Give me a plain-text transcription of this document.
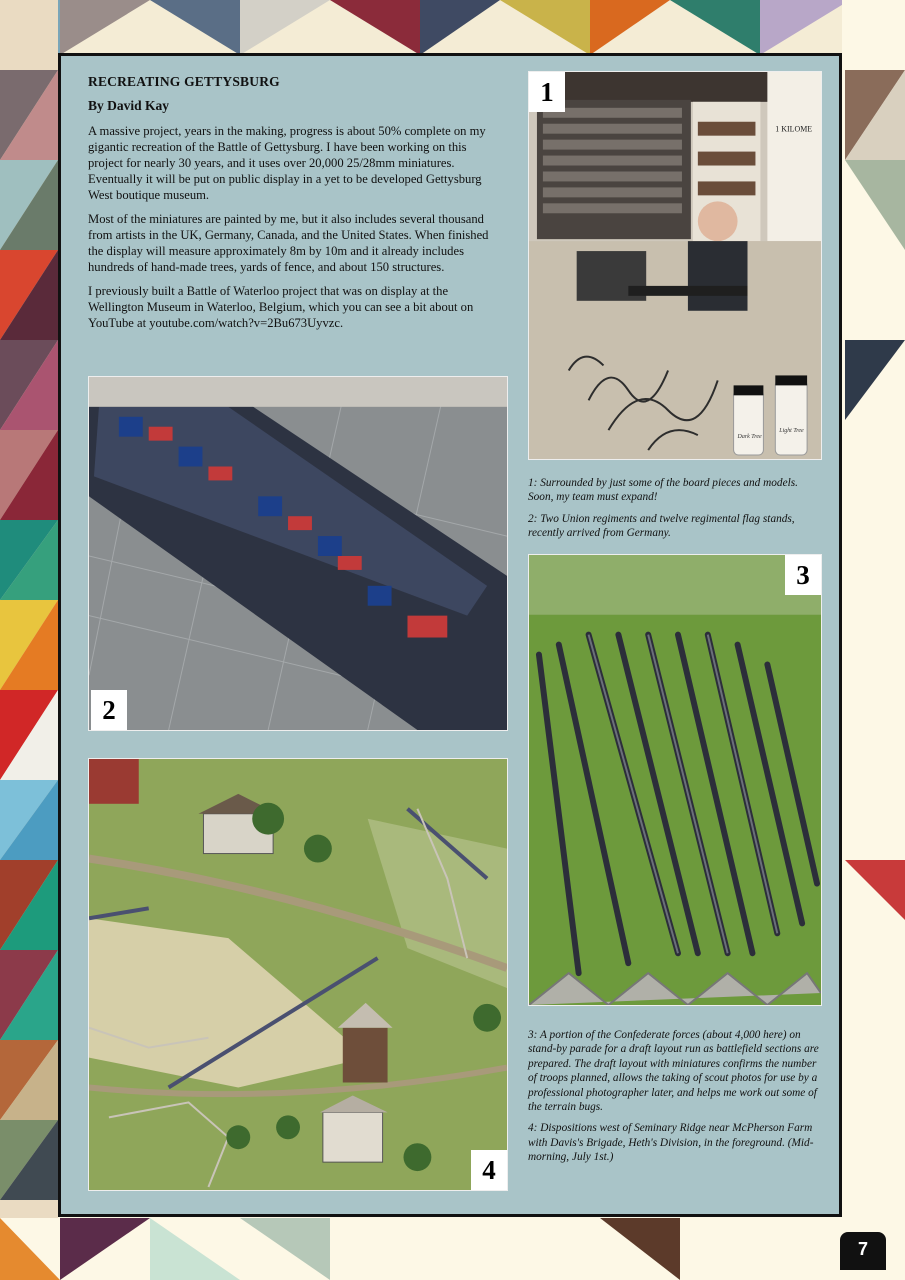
RECREATING GETTYSBURG
By David Kay

A massive project, years in the making, progress is about 50% complete on my gigantic recreation of the Battle of Gettysburg. I have been working on this project for nearly 30 years, and it uses over 20,000 25/28mm miniatures. Eventually it will be put on public display in a yet to be developed Gettysburg West boutique museum.

Most of the miniatures are painted by me, but it also includes several thousand from artists in the UK, Germany, Canada, and the United States. When finished the display will measure approximately 8m by 10m and it already includes hundreds of hand-made trees, yards of fence, and about 150 structures.

I previously built a Battle of Waterloo project that was on display at the Wellington Museum in Waterloo, Belgium, which you can see a bit about on YouTube at youtube.com/watch?v=2Bu673Uyvzc.

1 KILOME
Dark Tree
Light Tree
1
2

1: Surrounded by just some of the board pieces and models. Soon, my team must expand!

2: Two Union regiments and twelve regimental flag stands, recently arrived from Germany.

3

3: A portion of the Confederate forces (about 4,000 here) on stand-by parade for a draft layout run as battlefield sections are prepared. The draft layout with miniatures confirms the number of troops planned, allows the taking of scout photos for use by a professional photographer later, and helps me work out some of the terrain bugs.

4: Dispositions west of Seminary Ridge near McPherson Farm with Davis's Brigade, Heth's Division, in the foreground. (Mid-morning, July 1st.)

4
7
